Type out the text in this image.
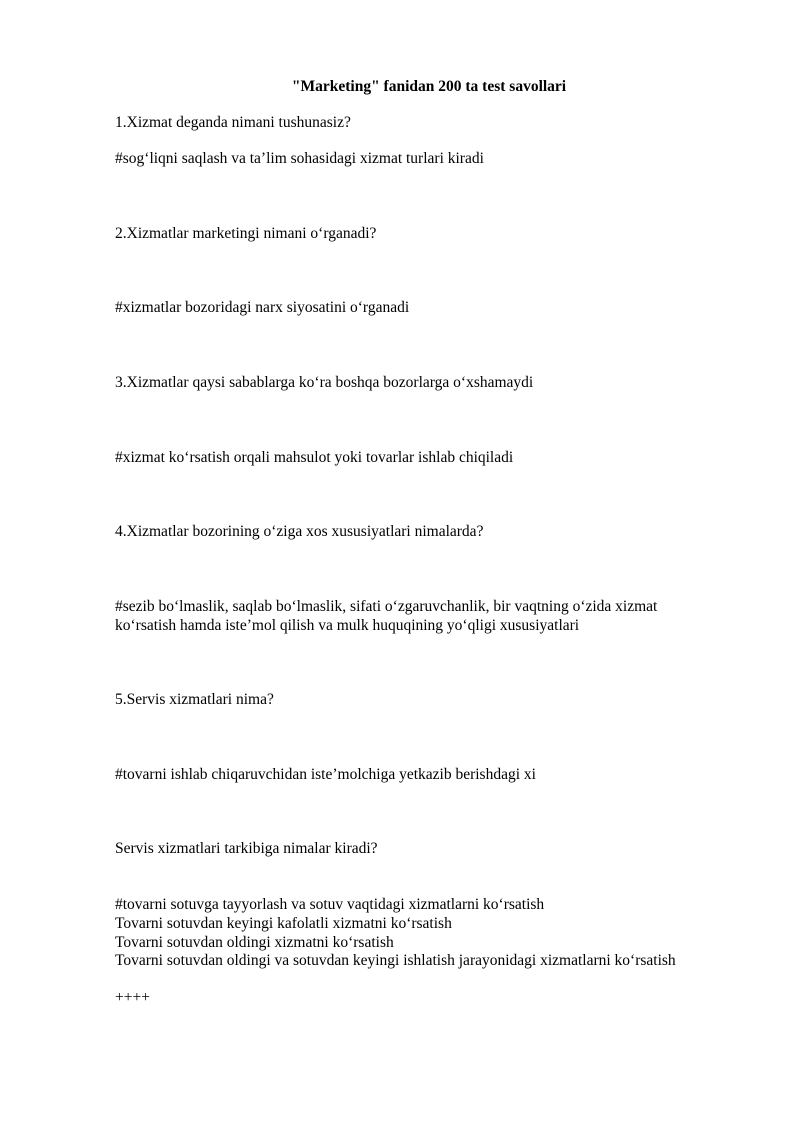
"Marketing" fanidan 200 ta test savollari
1.Xizmat deganda nimani tushunasiz?
#sog‘liqni saqlash va ta’lim sohasidagi xizmat turlari kiradi
2.Xizmatlar marketingi nimani o‘rganadi?
#xizmatlar bozoridagi narx siyosatini o‘rganadi
3.Xizmatlar qaysi sabablarga ko‘ra boshqa bozorlarga o‘xshamaydi
#xizmat ko‘rsatish orqali mahsulot yoki tovarlar ishlab chiqiladi
4.Xizmatlar bozorining o‘ziga xos xususiyatlari nimalarda?
#sezib bo‘lmaslik, saqlab bo‘lmaslik, sifati o‘zgaruvchanlik, bir vaqtning o‘zida xizmat
ko‘rsatish hamda iste’mol qilish va mulk huquqining yo‘qligi xususiyatlari
5.Servis xizmatlari nima?
#tovarni ishlab chiqaruvchidan iste’molchiga yetkazib berishdagi xi
Servis xizmatlari tarkibiga nimalar kiradi?
#tovarni sotuvga tayyorlash va sotuv vaqtidagi xizmatlarni ko‘rsatish
Tovarni sotuvdan keyingi kafolatli xizmatni ko‘rsatish
Tovarni sotuvdan oldingi xizmatni ko‘rsatish
Tovarni sotuvdan oldingi va sotuvdan keyingi ishlatish jarayonidagi xizmatlarni ko‘rsatish
++++
